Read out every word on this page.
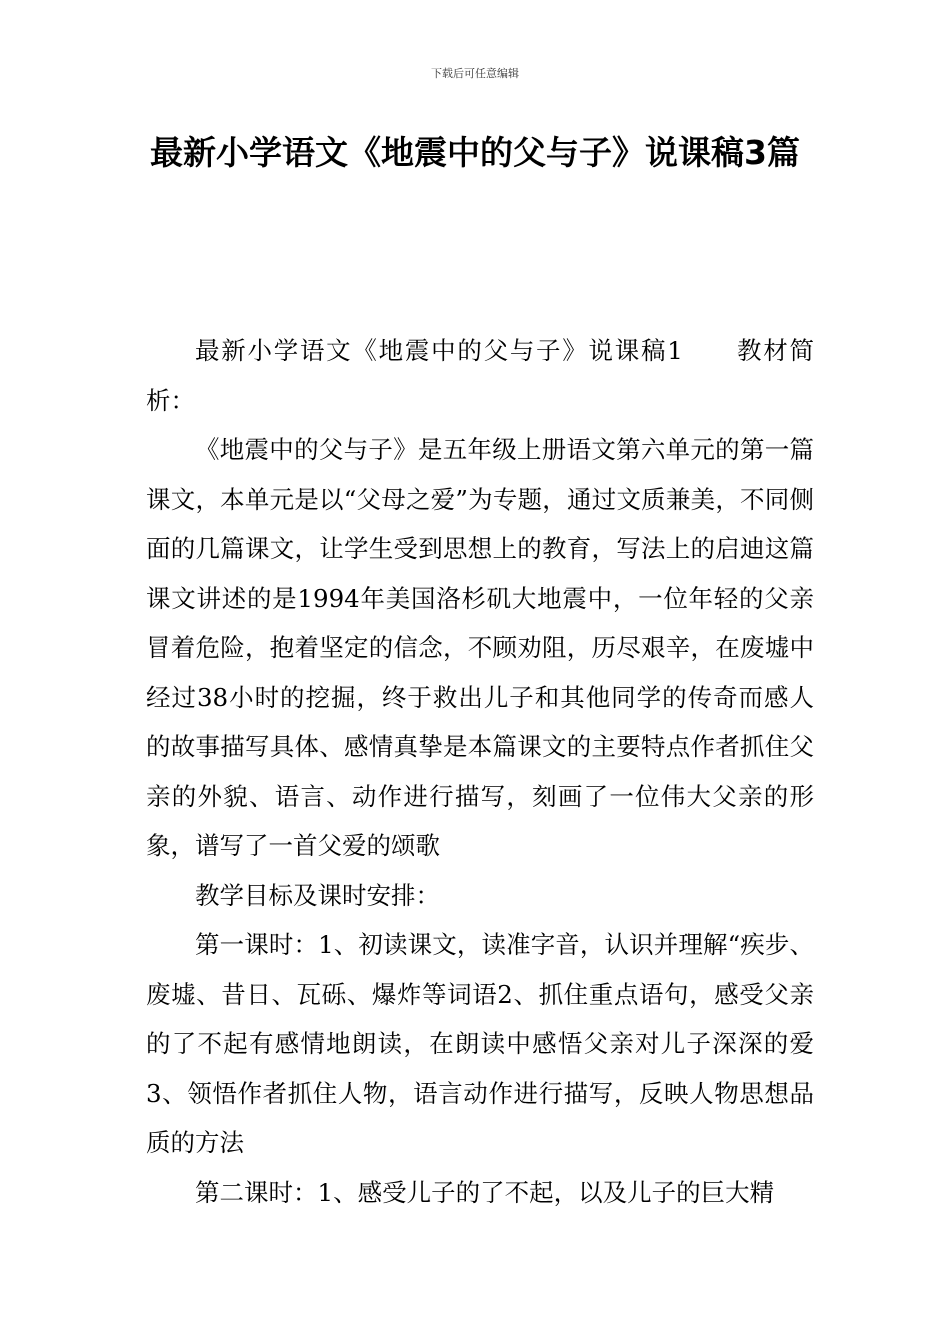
下载后可任意编辑
最新小学语文《地震中的父与子》说课稿3篇

最新小学语文《地震中的父与子》说课稿1　　教材简析：

《地震中的父与子》是五年级上册语文第六单元的第一篇课文，本单元是以“父母之爱”为专题，通过文质兼美，不同侧面的几篇课文，让学生受到思想上的教育，写法上的启迪这篇课文讲述的是1994年美国洛杉矶大地震中，一位年轻的父亲冒着危险，抱着坚定的信念，不顾劝阻，历尽艰辛，在废墟中经过38小时的挖掘，终于救出儿子和其他同学的传奇而感人的故事描写具体、感情真挚是本篇课文的主要特点作者抓住父亲的外貌、语言、动作进行描写，刻画了一位伟大父亲的形象，谱写了一首父爱的颂歌

教学目标及课时安排：

第一课时：1、初读课文，读准字音，认识并理解“疾步、废墟、昔日、瓦砾、爆炸等词语2、抓住重点语句，感受父亲的了不起有感情地朗读，在朗读中感悟父亲对儿子深深的爱3、领悟作者抓住人物，语言动作进行描写，反映人物思想品质的方法

第二课时：1、感受儿子的了不起，以及儿子的巨大精
